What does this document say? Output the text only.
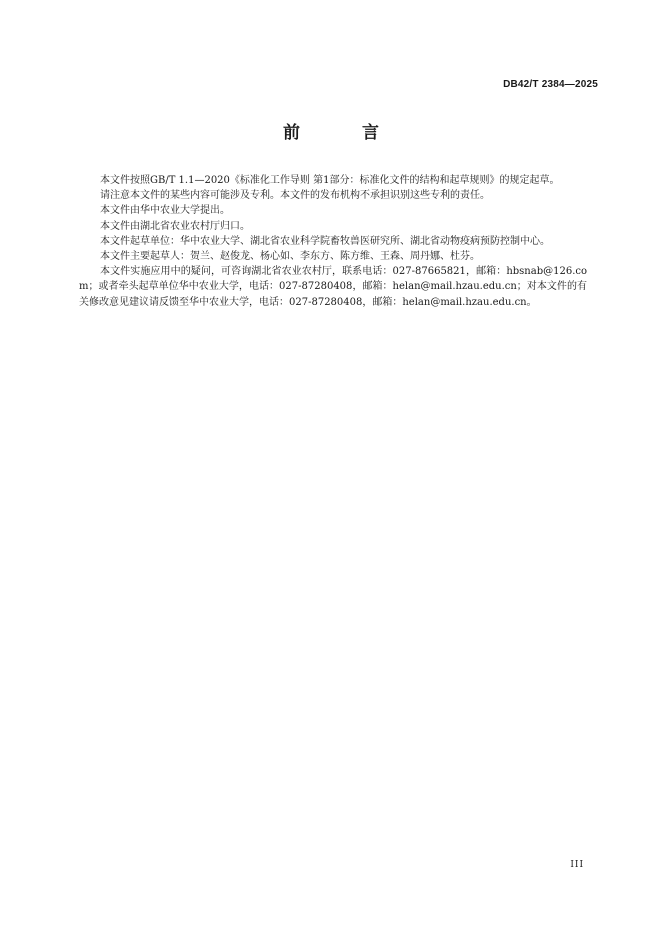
DB42/T 2384—2025
前 言

本文件按照GB/T 1.1—2020《标准化工作导则 第1部分：标准化文件的结构和起草规则》的规定起草。

请注意本文件的某些内容可能涉及专利。本文件的发布机构不承担识别这些专利的责任。

本文件由华中农业大学提出。

本文件由湖北省农业农村厅归口。

本文件起草单位：华中农业大学、湖北省农业科学院畜牧兽医研究所、湖北省动物疫病预防控制中心。

本文件主要起草人：贺兰、赵俊龙、杨心如、李东方、陈方维、王森、周丹娜、杜芬。

本文件实施应用中的疑问，可咨询湖北省农业农村厅，联系电话：027-87665821，邮箱：hbsnab@126.com；或者牵头起草单位华中农业大学，电话：027-87280408，邮箱：helan@mail.hzau.edu.cn；对本文件的有关修改意见建议请反馈至华中农业大学，电话：027-87280408，邮箱：helan@mail.hzau.edu.cn。

III
